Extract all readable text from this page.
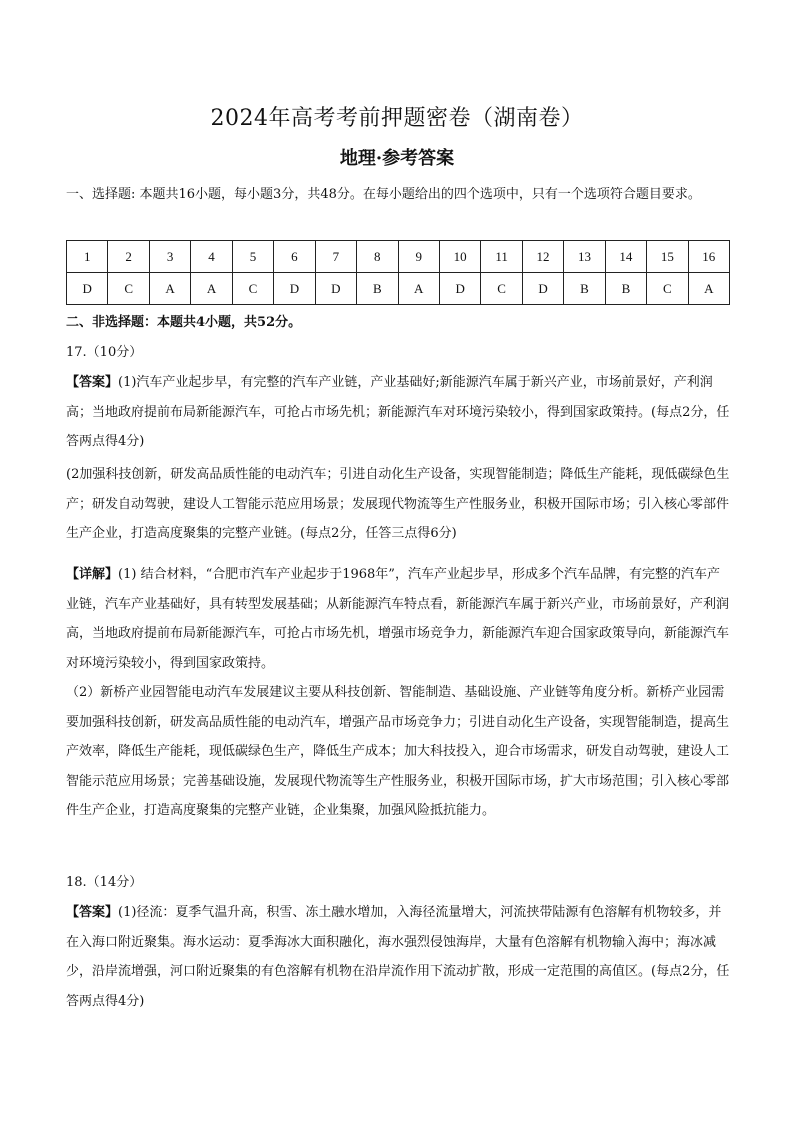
2024年高考考前押题密卷（湖南卷）
地理·参考答案
一、选择题: 本题共16小题，每小题3分，共48分。在每小题给出的四个选项中，只有一个选项符合题目要求。
1	2	3	4	5	6	7	8	9	10	11	12	13	14	15	16
D	C	A	A	C	D	D	B	A	D	C	D	B	B	C	A
二、非选择题：本题共4小题，共52分。
17.（10分）
【答案】(1)汽车产业起步早，有完整的汽车产业链，产业基础好;新能源汽车属于新兴产业，市场前景好，产利润高；当地政府提前布局新能源汽车，可抢占市场先机；新能源汽车对环境污染较小，得到国家政策持。(每点2分，任答两点得4分)
(2加强科技创新，研发高品质性能的电动汽车；引进自动化生产设备，实现智能制造；降低生产能耗，现低碳绿色生产；研发自动驾驶，建设人工智能示范应用场景；发展现代物流等生产性服务业，积极开国际市场；引入核心零部件生产企业，打造高度聚集的完整产业链。(每点2分，任答三点得6分)
【详解】(1) 结合材料，“合肥市汽车产业起步于1968年”，汽车产业起步早，形成多个汽车品牌，有完整的汽车产业链，汽车产业基础好，具有转型发展基础；从新能源汽车特点看，新能源汽车属于新兴产业，市场前景好，产利润高，当地政府提前布局新能源汽车，可抢占市场先机，增强市场竞争力，新能源汽车迎合国家政策导向，新能源汽车对环境污染较小，得到国家政策持。
（2）新桥产业园智能电动汽车发展建议主要从科技创新、智能制造、基础设施、产业链等角度分析。新桥产业园需要加强科技创新，研发高品质性能的电动汽车，增强产品市场竞争力；引进自动化生产设备，实现智能制造，提高生产效率，降低生产能耗，现低碳绿色生产，降低生产成本；加大科技投入，迎合市场需求，研发自动驾驶，建设人工智能示范应用场景；完善基础设施，发展现代物流等生产性服务业，积极开国际市场，扩大市场范围；引入核心零部件生产企业，打造高度聚集的完整产业链，企业集聚，加强风险抵抗能力。
18.（14分）
【答案】(1)径流：夏季气温升高，积雪、冻土融水增加，入海径流量增大，河流挟带陆源有色溶解有机物较多，并在入海口附近聚集。海水运动：夏季海冰大面积融化，海水强烈侵蚀海岸，大量有色溶解有机物输入海中；海冰减少，沿岸流增强，河口附近聚集的有色溶解有机物在沿岸流作用下流动扩散，形成一定范围的高值区。(每点2分，任答两点得4分)
